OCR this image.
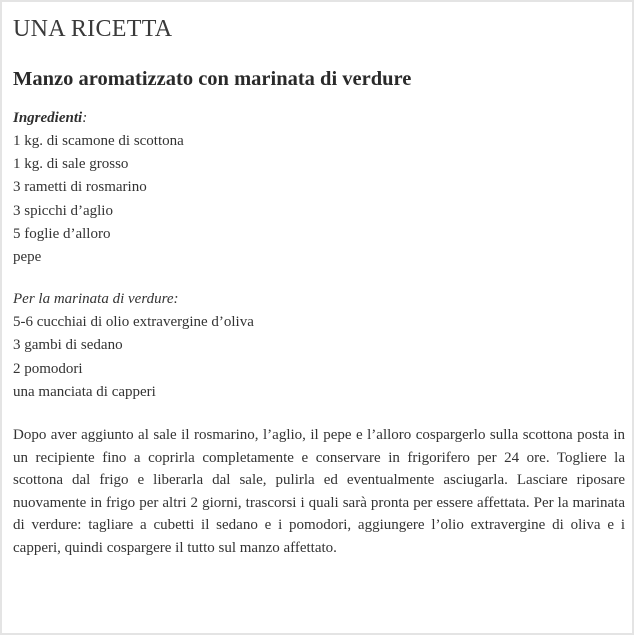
UNA RICETTA
Manzo aromatizzato con marinata di verdure
Ingredienti:
1 kg. di scamone di scottona
1 kg. di sale grosso
3 rametti di rosmarino
3 spicchi d’aglio
5 foglie d’alloro
pepe
Per la marinata di verdure:
5-6 cucchiai di olio extravergine d’oliva
3 gambi di sedano
2 pomodori
una manciata di capperi

Dopo aver aggiunto al sale il rosmarino, l’aglio, il pepe e l’alloro cospargerlo sulla scottona posta in un recipiente fino a coprirla completamente e conservare in frigorifero per 24 ore. Togliere la scottona dal frigo e liberarla dal sale, pulirla ed eventualmente asciugarla. Lasciare riposare nuovamente in frigo per altri 2 giorni, trascorsi i quali sarà pronta per essere affettata. Per la marinata di verdure: tagliare a cubetti il sedano e i pomodori, aggiungere l’olio extravergine di oliva e i capperi, quindi cospargere il tutto sul manzo affettato.
